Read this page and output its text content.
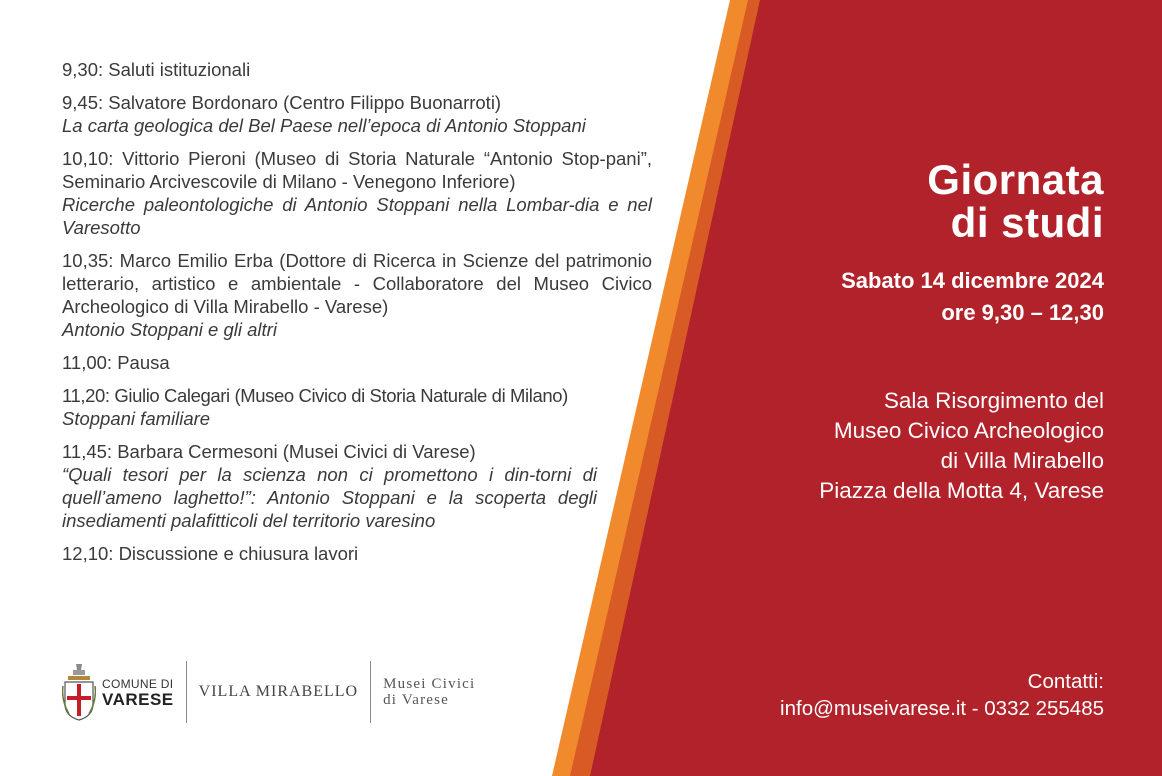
9,30: Saluti istituzionali
9,45: Salvatore Bordonaro (Centro Filippo Buonarroti)
La carta geologica del Bel Paese nell’epoca di Antonio Stoppani
10,10: Vittorio Pieroni (Museo di Storia Naturale “Antonio Stop-pani”, Seminario Arcivescovile di Milano - Venegono Inferiore)
Ricerche paleontologiche di Antonio Stoppani nella Lombar-dia e nel Varesotto
10,35: Marco Emilio Erba (Dottore di Ricerca in Scienze del patrimonio letterario, artistico e ambientale - Collaboratore del Museo Civico Archeologico di Villa Mirabello - Varese)
Antonio Stoppani e gli altri
11,00: Pausa
11,20: Giulio Calegari (Museo Civico di Storia Naturale di Milano)
Stoppani familiare
11,45: Barbara Cermesoni (Musei Civici di Varese)
“Quali tesori per la scienza non ci promettono i din-torni di quell’ameno laghetto!”: Antonio Stoppani e la scoperta degli insediamenti palafitticoli del territorio varesino
12,10: Discussione e chiusura lavori
Giornata
di studi
Sabato 14 dicembre 2024
ore 9,30 – 12,30
Sala Risorgimento del
Museo Civico Archeologico
di Villa Mirabello
Piazza della Motta 4, Varese
Contatti:
info@museivarese.it - 0332 255485
COMUNE DI
VARESE VILLA MIRABELLO Musei Civici
di Varese
